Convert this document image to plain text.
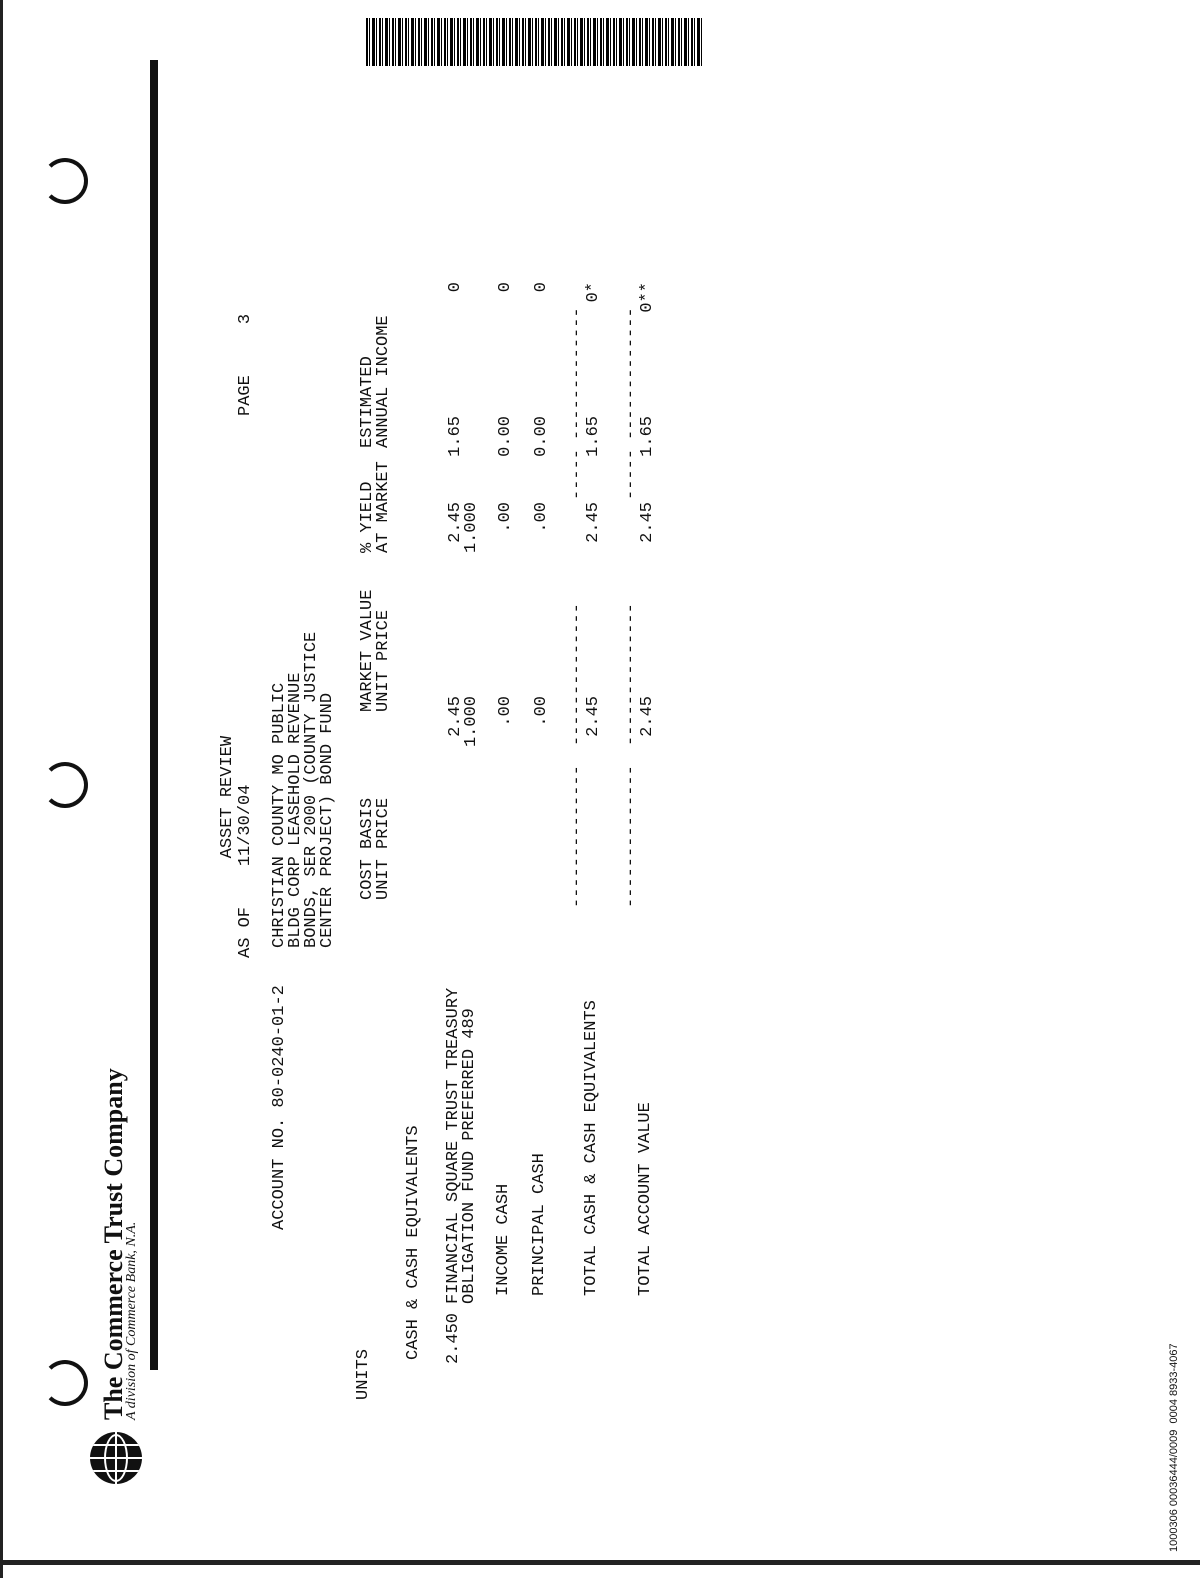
The Commerce Trust Company
A division of Commerce Bank, N.A.
ASSET REVIEW
AS OF    11/30/04
PAGE     3
ACCOUNT NO. 80-0240-01-2
CHRISTIAN COUNTY MO PUBLIC
BLDG CORP LEASEHOLD REVENUE
BONDS, SER 2000 (COUNTY JUSTICE
CENTER PROJECT) BOND FUND
UNITS
COST BASIS
UNIT PRICE
MARKET VALUE
UNIT PRICE
% YIELD
AT MARKET
ESTIMATED
ANNUAL INCOME
CASH & CASH EQUIVALENTS 2.450
FINANCIAL SQUARE TRUST TREASURY
OBLIGATION FUND PREFERRED 489
2.45
1.000
2.45
1.000
1.65
0
INCOME CASH
.00
.00
0.00
0
PRINCIPAL CASH
.00
.00
0.00
0
--------------
--------------
-----
-------------
TOTAL CASH & CASH EQUIVALENTS
2.45
2.45
1.65
0*
--------------
--------------
-----
-------------
TOTAL ACCOUNT VALUE
2.45
2.45
1.65
0**
1000306 00036444/0009  0004 8933-4067
